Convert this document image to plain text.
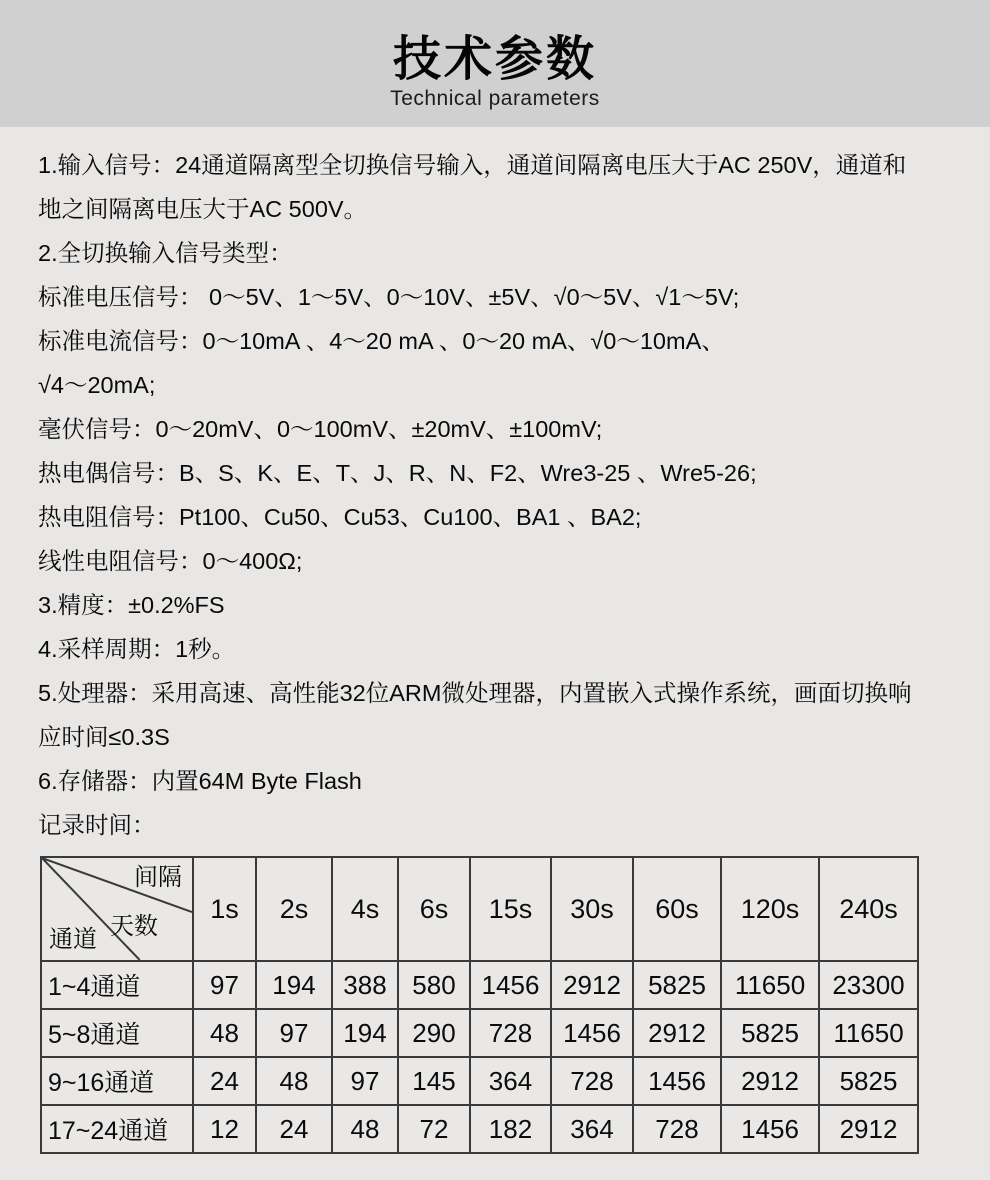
技术参数
Technical parameters
1.输入信号：24通道隔离型全切换信号输入，通道间隔离电压大于AC 250V，通道和
地之间隔离电压大于AC 500V。
2.全切换输入信号类型：
标准电压信号： 0～5V、1～5V、0～10V、±5V、√0～5V、√1～5V;
标准电流信号：0～10mA 、4～20 mA 、0～20 mA、√0～10mA、
√4～20mA;
毫伏信号：0～20mV、0～100mV、±20mV、±100mV;
热电偶信号：B、S、K、E、T、J、R、N、F2、Wre3-25 、Wre5-26;
热电阻信号：Pt100、Cu50、Cu53、Cu100、BA1 、BA2;
线性电阻信号：0～400Ω;
3.精度：±0.2%FS
4.采样周期：1秒。
5.处理器：采用高速、高性能32位ARM微处理器，内置嵌入式操作系统，画面切换响
应时间≤0.3S
6.存储器：内置64M Byte Flash
记录时间：
间隔
天数
通道	1s	2s	4s	6s	15s	30s	60s	120s	240s
1~4通道	97	194	388	580	1456	2912	5825	11650	23300
5~8通道	48	97	194	290	728	1456	2912	5825	11650
9~16通道	24	48	97	145	364	728	1456	2912	5825
17~24通道	12	24	48	72	182	364	728	1456	2912
